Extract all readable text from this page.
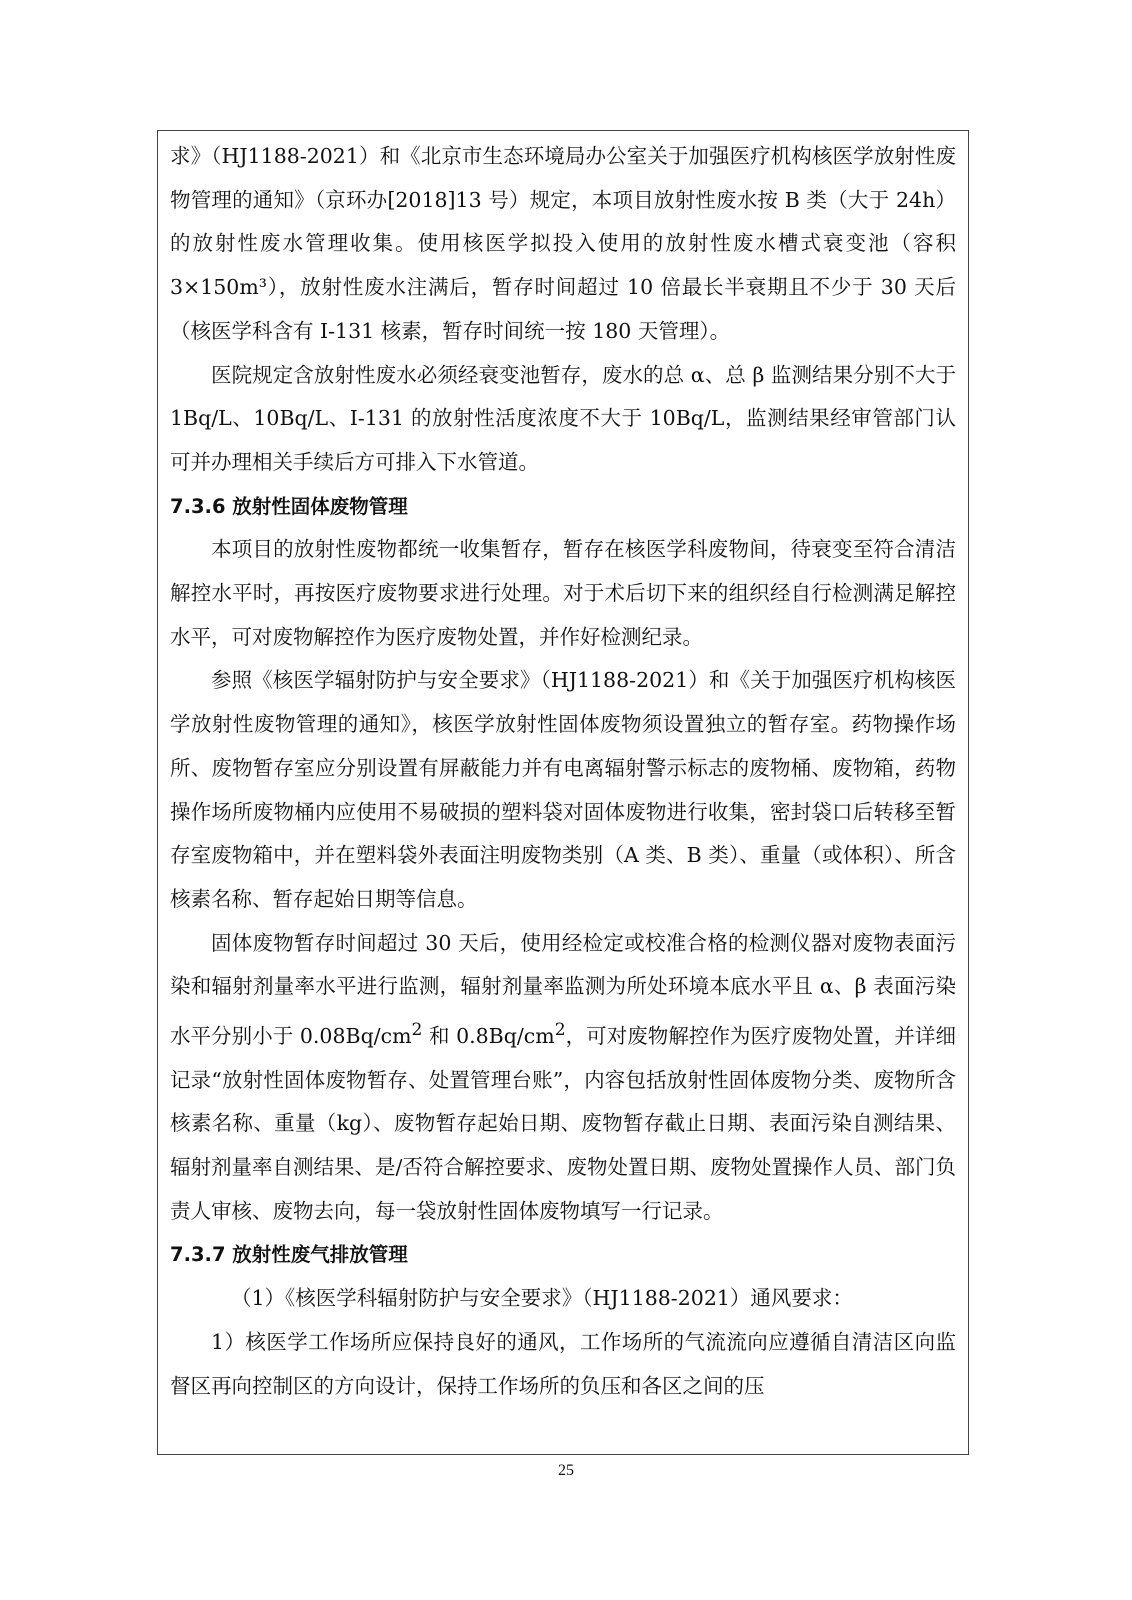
求》（HJ1188-2021）和《北京市生态环境局办公室关于加强医疗机构核医学放射性废物管理的通知》（京环办[2018]13 号）规定，本项目放射性废水按 B 类（大于 24h）的放射性废水管理收集。使用核医学拟投入使用的放射性废水槽式衰变池（容积 3×150m³），放射性废水注满后，暂存时间超过 10 倍最长半衰期且不少于 30 天后（核医学科含有 I-131 核素，暂存时间统一按 180 天管理）。

医院规定含放射性废水必须经衰变池暂存，废水的总 α、总 β 监测结果分别不大于 1Bq/L、10Bq/L、I-131 的放射性活度浓度不大于 10Bq/L，监测结果经审管部门认可并办理相关手续后方可排入下水管道。

7.3.6 放射性固体废物管理

本项目的放射性废物都统一收集暂存，暂存在核医学科废物间，待衰变至符合清洁解控水平时，再按医疗废物要求进行处理。对于术后切下来的组织经自行检测满足解控水平，可对废物解控作为医疗废物处置，并作好检测纪录。

参照《核医学辐射防护与安全要求》（HJ1188-2021）和《关于加强医疗机构核医学放射性废物管理的通知》，核医学放射性固体废物须设置独立的暂存室。药物操作场所、废物暂存室应分别设置有屏蔽能力并有电离辐射警示标志的废物桶、废物箱，药物操作场所废物桶内应使用不易破损的塑料袋对固体废物进行收集，密封袋口后转移至暂存室废物箱中，并在塑料袋外表面注明废物类别（A 类、B 类）、重量（或体积）、所含核素名称、暂存起始日期等信息。

固体废物暂存时间超过 30 天后，使用经检定或校准合格的检测仪器对废物表面污染和辐射剂量率水平进行监测，辐射剂量率监测为所处环境本底水平且 α、β 表面污染水平分别小于 $0.08Bq/cm^2$ 和 $0.8Bq/cm^2$，可对废物解控作为医疗废物处置，并详细记录“放射性固体废物暂存、处置管理台账”，内容包括放射性固体废物分类、废物所含核素名称、重量（kg）、废物暂存起始日期、废物暂存截止日期、表面污染自测结果、辐射剂量率自测结果、是/否符合解控要求、废物处置日期、废物处置操作人员、部门负责人审核、废物去向，每一袋放射性固体废物填写一行记录。

7.3.7 放射性废气排放管理

（1）《核医学科辐射防护与安全要求》（HJ1188-2021）通风要求：

1）核医学工作场所应保持良好的通风，工作场所的气流流向应遵循自清洁区向监督区再向控制区的方向设计，保持工作场所的负压和各区之间的压

25
